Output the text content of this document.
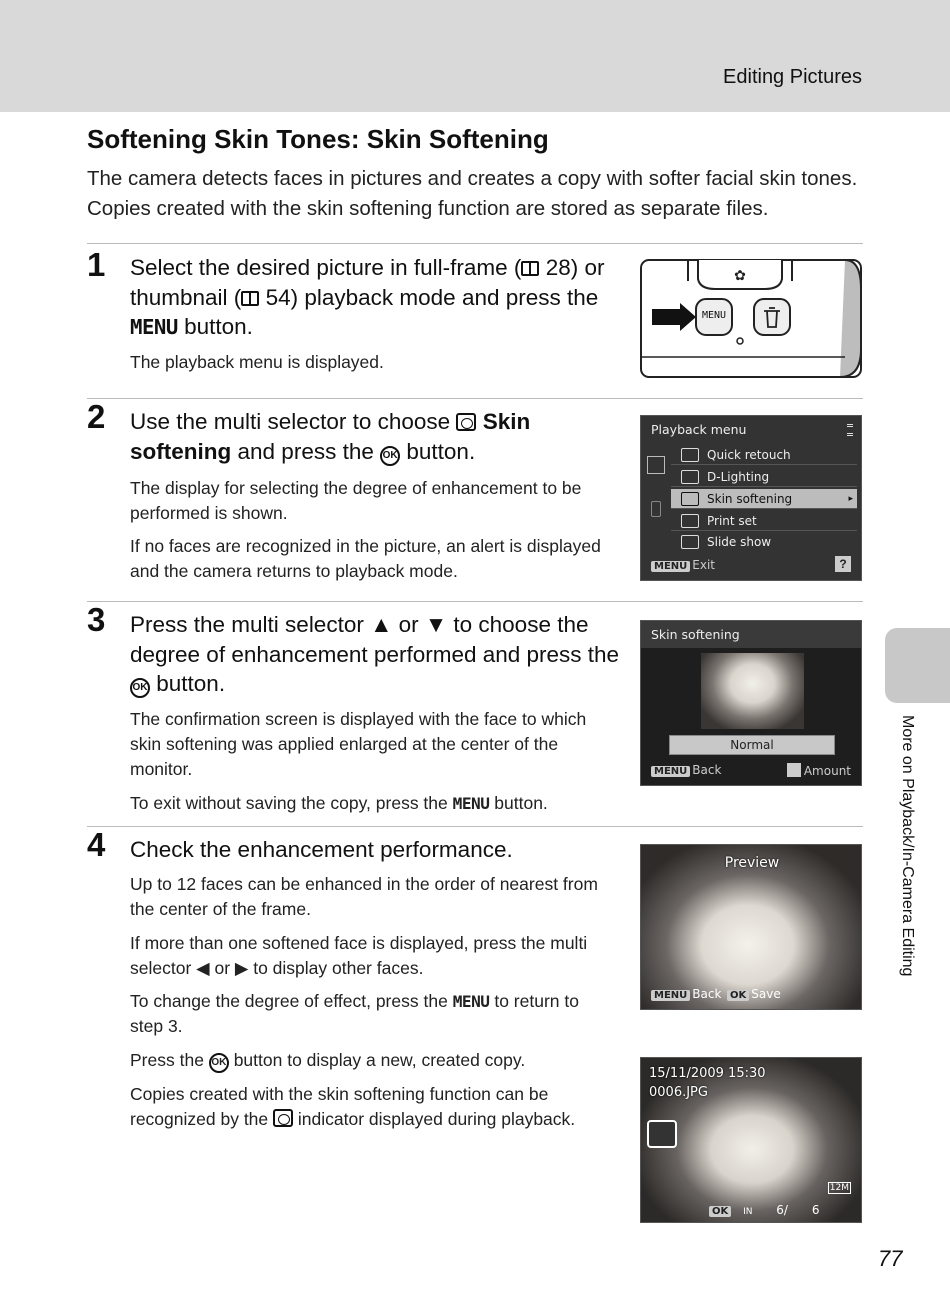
Editing Pictures
More on Playback/In-Camera Editing
Softening Skin Tones: Skin Softening

The camera detects faces in pictures and creates a copy with softer facial skin tones. Copies created with the skin softening function are stored as separate files.

1 Select the desired picture in full-frame ( 28) or thumbnail ( 54) playback mode and press the MENU button.

The playback menu is displayed.

✿
MENU
2 Use the multi selector to choose Skin softening and press the OK button.

The display for selecting the degree of enhancement to be performed is shown.

If no faces are recognized in the picture, an alert is displayed and the camera returns to playback mode.

Playback menu
Quick retouch
D-Lighting
Skin softening	▸
Print set
Slide show
MENU Exit	?
3 Press the multi selector ▲ or ▼ to choose the degree of enhancement performed and press the OK button.

The confirmation screen is displayed with the face to which skin softening was applied enlarged at the center of the monitor.

To exit without saving the copy, press the MENU button.

Skin softening
Normal
MENU Back	Amount
4 Check the enhancement performance.

Up to 12 faces can be enhanced in the order of nearest from the center of the frame.

If more than one softened face is displayed, press the multi selector ◀ or ▶ to display other faces.

To change the degree of effect, press the MENU to return to step 3.

Press the OK button to display a new, created copy.

Copies created with the skin softening function can be recognized by the indicator displayed during playback.

Preview
MENU Back OK Save
15/11/2009 15:30
0006.JPG
12M
OK IN 6/ 6
77
